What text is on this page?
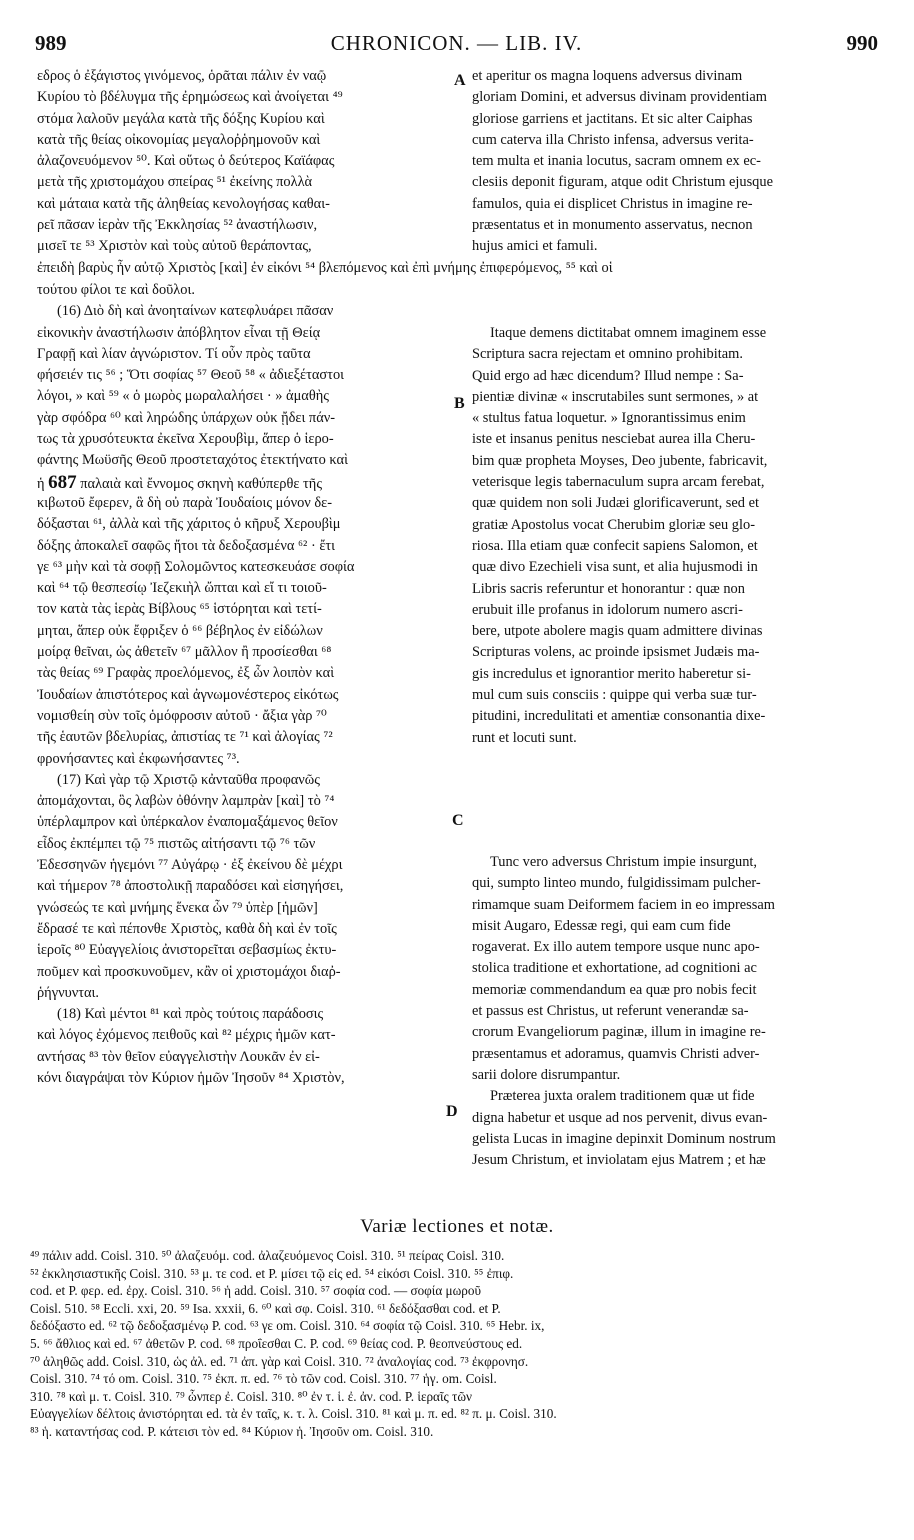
989	CHRONICON. — LIB. IV.	990
A
B
C
D
εδρος ὁ ἐξάγιστος γινόμενος, ὁρᾶται πάλιν ἐν ναῷ
Κυρίου τὸ βδέλυγμα τῆς ἐρημώσεως καὶ ἀνοίγεται ⁴⁹
στόμα λαλοῦν μεγάλα κατὰ τῆς δόξης Κυρίου καὶ
κατὰ τῆς θείας οἰκονομίας μεγαλοῤῥημονοῦν καὶ
ἀλαζονευόμενον ⁵⁰. Καὶ οὕτως ὁ δεύτερος Καϊάφας
μετὰ τῆς χριστομάχου σπείρας ⁵¹ ἐκείνης πολλὰ
καὶ μάταια κατὰ τῆς ἀληθείας κενολογήσας καθαι-
ρεῖ πᾶσαν ἱερὰν τῆς Ἐκκλησίας ⁵² ἀναστήλωσιν,
μισεῖ τε ⁵³ Χριστὸν καὶ τοὺς αὐτοῦ θεράποντας,
et aperitur os magna loquens adversus divinam
gloriam Domini, et adversus divinam providentiam
gloriose garriens et jactitans. Et sic alter Caiphas
cum caterva illa Christo infensa, adversus verita-
tem multa et inania locutus, sacram omnem ex ec-
clesiis deponit figuram, atque odit Christum ejusque
famulos, quia ei displicet Christus in imagine re-
præsentatus et in monumento asservatus, necnon
hujus amici et famuli.
ἐπειδὴ βαρὺς ἦν αὐτῷ Χριστὸς [καὶ] ἐν εἰκόνι ⁵⁴ βλεπόμενος καὶ ἐπὶ μνήμης ἐπιφερόμενος, ⁵⁵ καὶ οἱ
τούτου φίλοι τε καὶ δοῦλοι.
(16) Διὸ δὴ καὶ ἀνοηταίνων κατεφλυάρει πᾶσαν
εἰκονικὴν ἀναστήλωσιν ἀπόβλητον εἶναι τῇ Θείᾳ
Γραφῇ καὶ λίαν ἀγνώριστον. Τί οὖν πρὸς ταῦτα
φήσειέν τις ⁵⁶ ; Ὅτι σοφίας ⁵⁷ Θεοῦ ⁵⁸ « ἀδιεξέταστοι
λόγοι, » καὶ ⁵⁹ « ὁ μωρὸς μωραλαλήσει · » ἀμαθὴς
γὰρ σφόδρα ⁶⁰ καὶ ληρώδης ὑπάρχων οὐκ ᾔδει πάν-
τως τὰ χρυσότευκτα ἐκεῖνα Χερουβὶμ, ἅπερ ὁ ἱερο-
φάντης Μωϋσῆς Θεοῦ προστεταχότος ἐτεκτήνατο καὶ
ἡ 687 παλαιὰ καὶ ἔννομος σκηνὴ καθύπερθε τῆς
κιβωτοῦ ἔφερεν, ἃ δὴ οὐ παρὰ Ἰουδαίοις μόνον δε-
δόξασται ⁶¹, ἀλλὰ καὶ τῆς χάριτος ὁ κῆρυξ Χερουβὶμ
δόξης ἀποκαλεῖ σαφῶς ἤτοι τὰ δεδοξασμένα ⁶² · ἔτι
γε ⁶³ μὴν καὶ τὰ σοφῇ Σολομῶντος κατεσκευάσε σοφία
καὶ ⁶⁴ τῷ θεσπεσίῳ Ἰεζεκιὴλ ὤπται καὶ εἴ τι τοιοῦ-
τον κατὰ τὰς ἱερὰς Βίβλους ⁶⁵ ἱστόρηται καὶ τετί-
μηται, ἅπερ οὐκ ἔφριξεν ὁ ⁶⁶ βέβηλος ἐν εἰδώλων
μοίρᾳ θεῖναι, ὡς ἀθετεῖν ⁶⁷ μᾶλλον ἢ προσίεσθαι ⁶⁸
τὰς θείας ⁶⁹ Γραφὰς προελόμενος, ἐξ ὧν λοιπὸν καὶ
Ἰουδαίων ἀπιστότερος καὶ ἀγνωμονέστερος εἰκότως
νομισθείη σὺν τοῖς ὁμόφροσιν αὐτοῦ · ἄξια γὰρ ⁷⁰
τῆς ἑαυτῶν βδελυρίας, ἀπιστίας τε ⁷¹ καὶ ἀλογίας ⁷²
φρονήσαντες καὶ ἐκφωνήσαντες ⁷³.
(17) Καὶ γὰρ τῷ Χριστῷ κἀνταῦθα προφανῶς
ἀπομάχονται, ὃς λαβὼν ὀθόνην λαμπρὰν [καὶ] τὸ ⁷⁴
ὑπέρλαμπρον καὶ ὑπέρκαλον ἐναπομαξάμενος θεῖον
εἶδος ἐκπέμπει τῷ ⁷⁵ πιστῶς αἰτήσαντι τῷ ⁷⁶ τῶν
Ἐδεσσηνῶν ἡγεμόνι ⁷⁷ Αὐγάρῳ · ἐξ ἐκείνου δὲ μέχρι
καὶ τήμερον ⁷⁸ ἀποστολικῇ παραδόσει καὶ εἰσηγήσει,
γνώσεώς τε καὶ μνήμης ἕνεκα ὧν ⁷⁹ ὑπὲρ [ἡμῶν]
ἔδρασέ τε καὶ πέπονθε Χριστὸς, καθὰ δὴ καὶ ἐν τοῖς
ἱεροῖς ⁸⁰ Εὐαγγελίοις ἀνιστορεῖται σεβασμίως ἐκτυ-
ποῦμεν καὶ προσκυνοῦμεν, κἂν οἱ χριστομάχοι διαῤ-
ῥήγνυνται.
(18) Καὶ μέντοι ⁸¹ καὶ πρὸς τούτοις παράδοσις
καὶ λόγος ἐχόμενος πειθοῦς καὶ ⁸² μέχρις ἡμῶν κατ-
αντήσας ⁸³ τὸν θεῖον εὐαγγελιστὴν Λουκᾶν ἐν εἰ-
κόνι διαγράψαι τὸν Κύριον ἡμῶν Ἰησοῦν ⁸⁴ Χριστὸν,
Itaque demens dictitabat omnem imaginem esse
Scriptura sacra rejectam et omnino prohibitam.
Quid ergo ad hæc dicendum? Illud nempe : Sa-
pientiæ divinæ « inscrutabiles sunt sermones, » at
« stultus fatua loquetur. » Ignorantissimus enim
iste et insanus penitus nesciebat aurea illa Cheru-
bim quæ propheta Moyses, Deo jubente, fabricavit,
veterisque legis tabernaculum supra arcam ferebat,
quæ quidem non soli Judæi glorificaverunt, sed et
gratiæ Apostolus vocat Cherubim gloriæ seu glo-
riosa. Illa etiam quæ confecit sapiens Salomon, et
quæ divo Ezechieli visa sunt, et alia hujusmodi in
Libris sacris referuntur et honorantur : quæ non
erubuit ille profanus in idolorum numero ascri-
bere, utpote abolere magis quam admittere divinas
Scripturas volens, ac proinde ipsismet Judæis ma-
gis incredulus et ignorantior merito haberetur si-
mul cum suis consciis : quippe qui verba suæ tur-
pitudini, incredulitati et amentiæ consonantia dixe-
runt et locuti sunt.
Tunc vero adversus Christum impie insurgunt,
qui, sumpto linteo mundo, fulgidissimam pulcher-
rimamque suam Deiformem faciem in eo impressam
misit Augaro, Edessæ regi, qui eam cum fide
rogaverat. Ex illo autem tempore usque nunc apo-
stolica traditione et exhortatione, ad cognitioni ac
memoriæ commendandum ea quæ pro nobis fecit
et passus est Christus, ut referunt venerandæ sa-
crorum Evangeliorum paginæ, illum in imagine re-
præsentamus et adoramus, quamvis Christi adver-
sarii dolore disrumpantur.
Præterea juxta oralem traditionem quæ ut fide
digna habetur et usque ad nos pervenit, divus evan-
gelista Lucas in imagine depinxit Dominum nostrum
Jesum Christum, et inviolatam ejus Matrem ; et hæ
Variæ lectiones et notæ.
⁴⁹ πάλιν add. Coisl. 310. ⁵⁰ ἀλαζευόμ. cod. ἀλαζευόμενος Coisl. 310. ⁵¹ πείρας Coisl. 310.
⁵² ἐκκλησιαστικῆς Coisl. 310. ⁵³ μ. τε cod. et P. μίσει τῷ εἰς ed. ⁵⁴ εἰκόσι Coisl. 310. ⁵⁵ ἐπιφ.
cod. et P. φερ. ed. ἐρχ. Coisl. 310. ⁵⁶ ἡ add. Coisl. 310. ⁵⁷ σοφία cod. — σοφία μωροῦ
Coisl. 510. ⁵⁸ Eccli. xxi, 20. ⁵⁹ Isa. xxxii, 6. ⁶⁰ καὶ σφ. Coisl. 310. ⁶¹ δεδόξασθαι cod. et P.
δεδόξαστο ed. ⁶² τῷ δεδοξασμένῳ P. cod. ⁶³ γε om. Coisl. 310. ⁶⁴ σοφία τῷ Coisl. 310. ⁶⁵ Hebr. ix,
5. ⁶⁶ ἄθλιος καὶ ed. ⁶⁷ ἀθετῶν P. cod. ⁶⁸ προΐεσθαι C. P. cod. ⁶⁹ θείας cod. P. θεοπνεύστους ed.
⁷⁰ ἀληθῶς add. Coisl. 310, ὡς ἀλ. ed. ⁷¹ ἀπ. γὰρ καὶ Coisl. 310. ⁷² ἀναλογίας cod. ⁷³ ἐκφρονησ.
Coisl. 310. ⁷⁴ τό om. Coisl. 310. ⁷⁵ ἐκπ. π. ed. ⁷⁶ τὸ τῶν cod. Coisl. 310. ⁷⁷ ἡγ. om. Coisl.
310. ⁷⁸ καὶ μ. τ. Coisl. 310. ⁷⁹ ὧνπερ ἐ. Coisl. 310. ⁸⁰ ἐν τ. ἱ. ἐ. ἀν. cod. P. ἱεραῖς τῶν
Εὐαγγελίων δέλτοις ἀνιστόρηται ed. τὰ ἐν ταῖς, κ. τ. λ. Coisl. 310. ⁸¹ καὶ μ. π. ed. ⁸² π. μ. Coisl. 310.
⁸³ ἡ. καταντήσας cod. P. κάτεισι τὸν ed. ⁸⁴ Κύριον ἡ. Ἰησοῦν om. Coisl. 310.
